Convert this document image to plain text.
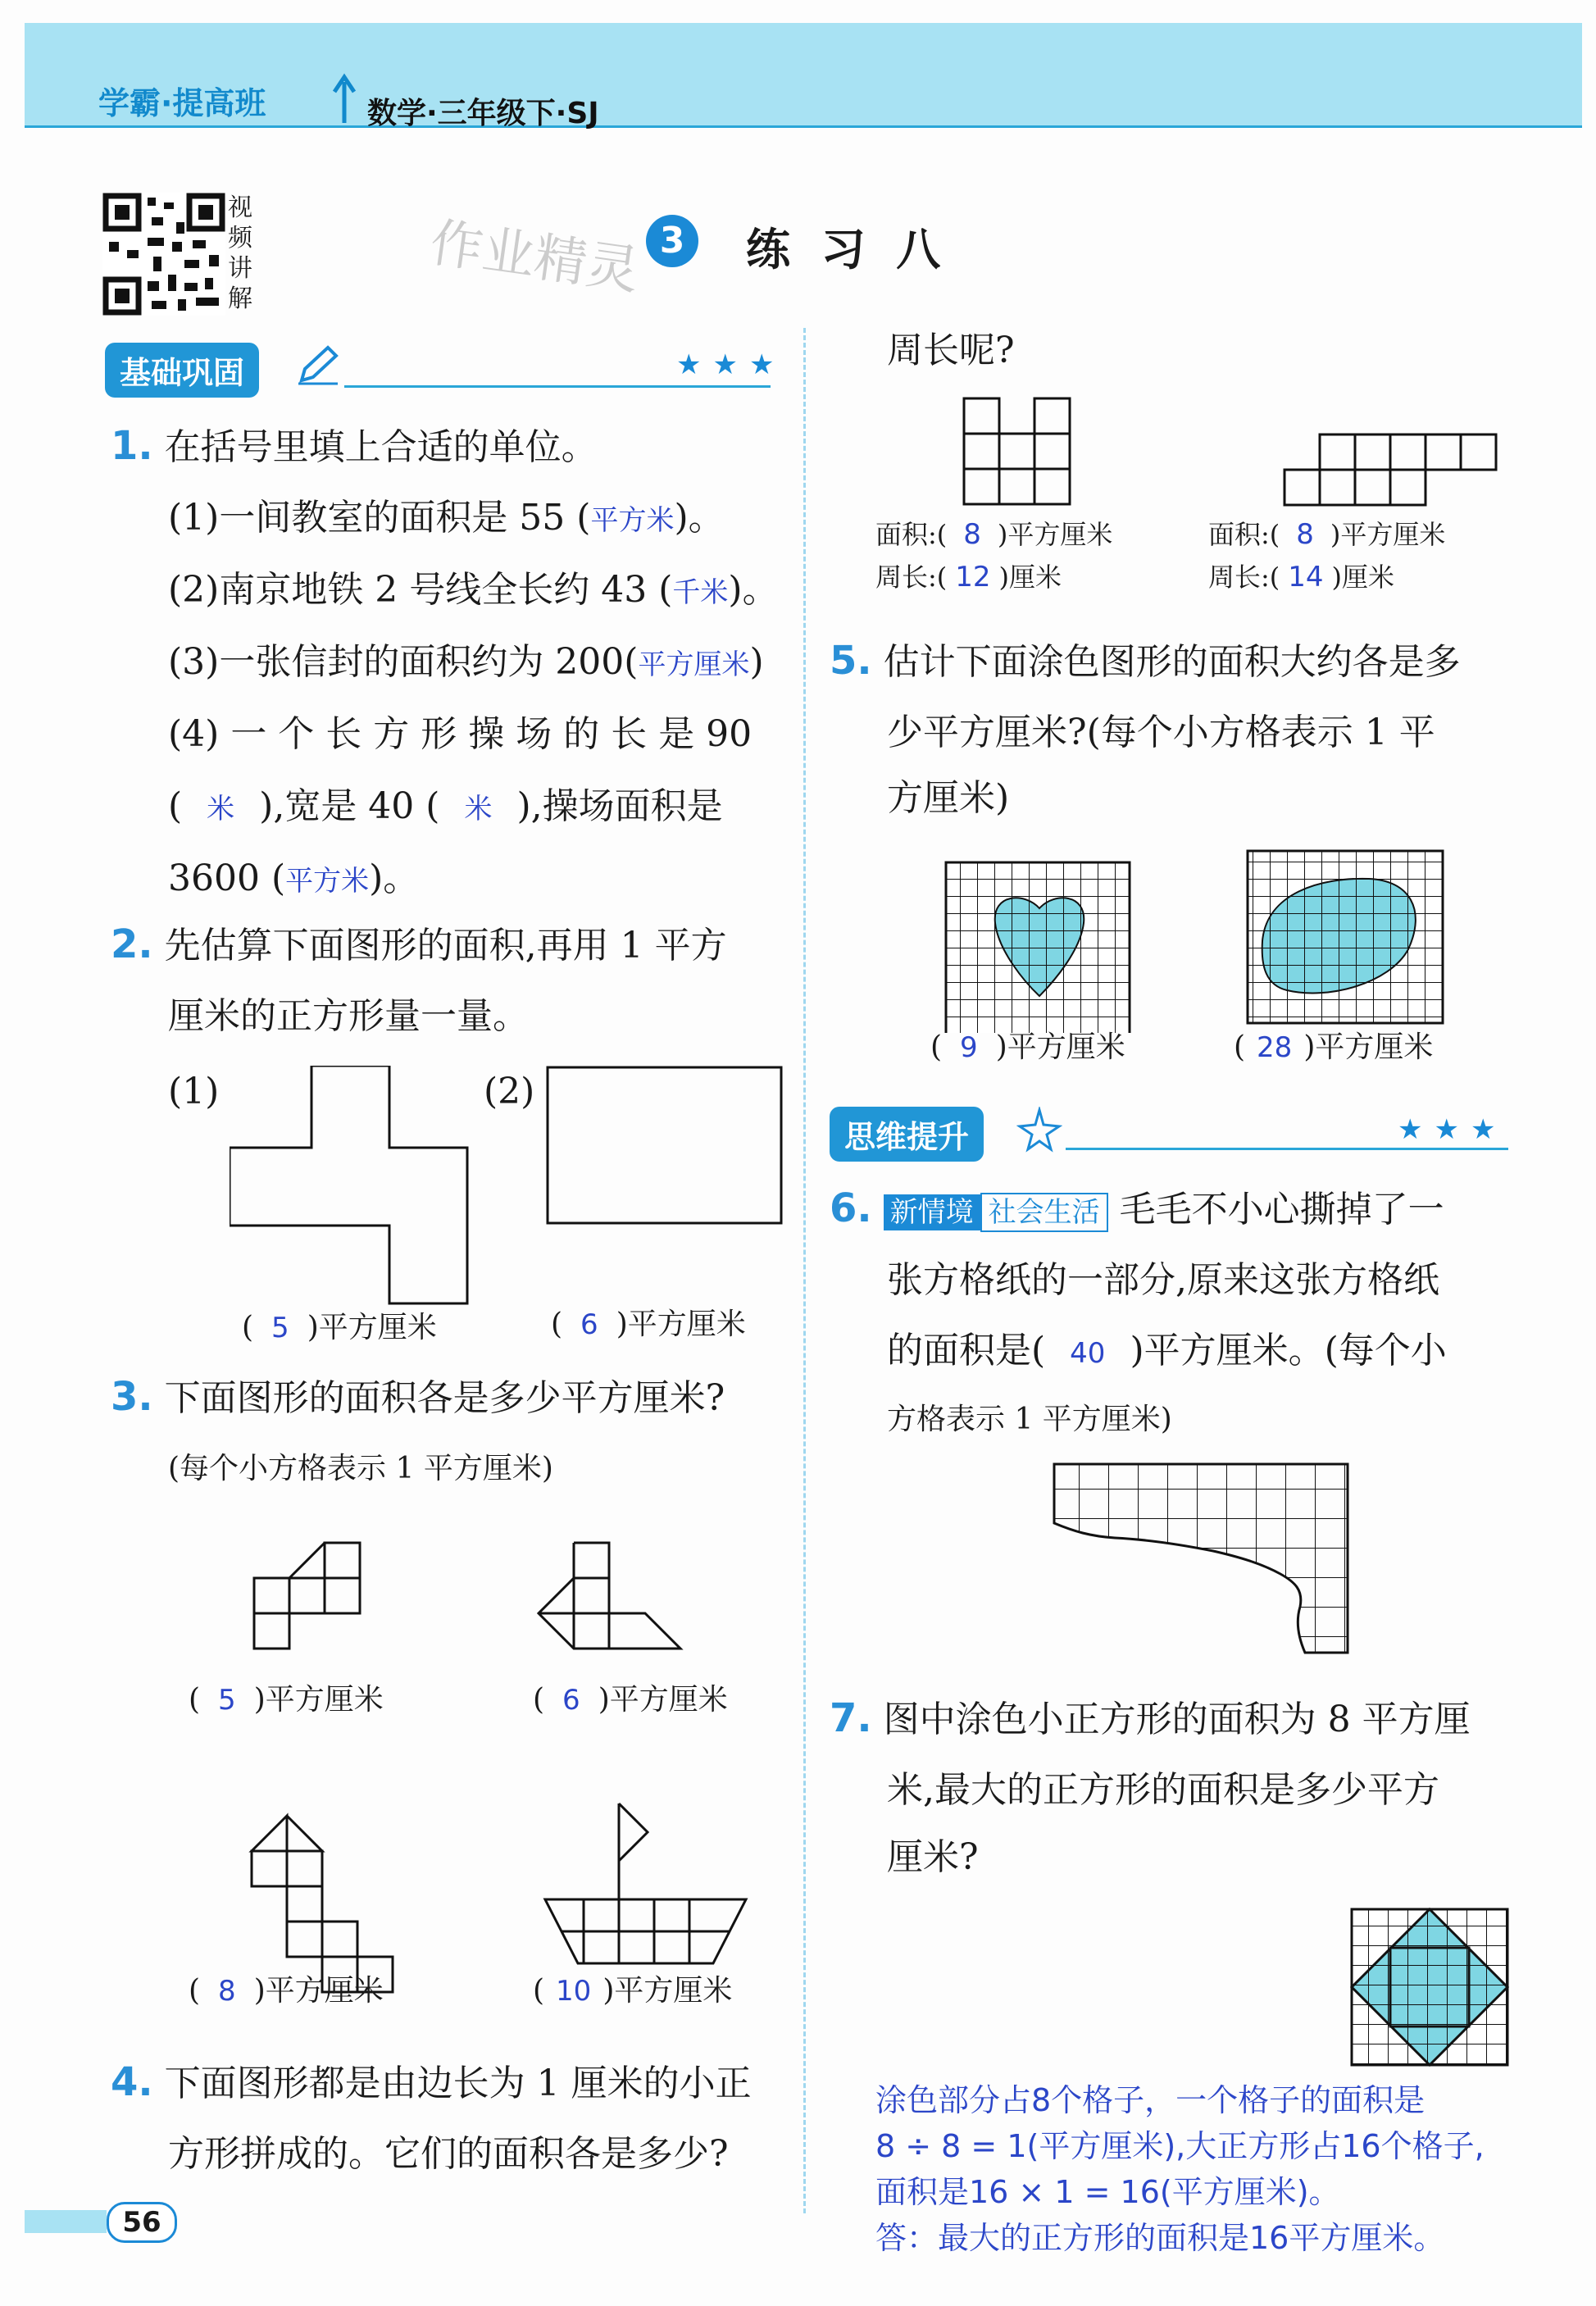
学霸·提高班	数学·三年级下·SJ
视频讲解	作业精灵 3	练  习  八
基础巩固	★★★
1. 在括号里填上合适的单位。
(1)一间教室的面积是 55 (平方米)。
(2)南京地铁 2 号线全长约 43 (千米)。
(3)一张信封的面积约为 200(平方厘米)
(4) 一 个 长 方 形 操 场 的 长 是 90
( 米 ),宽是 40 ( 米 ),操场面积是
3600 (平方米)。
2. 先估算下面图形的面积,再用 1 平方
厘米的正方形量一量。
(1)	(2)
( 5 )平方厘米	( 6 )平方厘米
3. 下面图形的面积各是多少平方厘米?
(每个小方格表示 1 平方厘米)
( 5 )平方厘米	( 6 )平方厘米
( 8 )平方厘米	( 10 )平方厘米
4. 下面图形都是由边长为 1 厘米的小正
方形拼成的。它们的面积各是多少?
周长呢?
面积:( 8 )平方厘米
周长:( 12 )厘米
面积:( 8 )平方厘米
周长:( 14 )厘米
5. 估计下面涂色图形的面积大约各是多
少平方厘米?(每个小方格表示 1 平
方厘米)
( 9 )平方厘米	( 28 )平方厘米
思维提升	★★★
6. 新情境 社会生活 毛毛不小心撕掉了一
张方格纸的一部分,原来这张方格纸
的面积是( 40 )平方厘米。(每个小
方格表示 1 平方厘米)
7. 图中涂色小正方形的面积为 8 平方厘
米,最大的正方形的面积是多少平方
厘米?
涂色部分占8个格子，一个格子的面积是
8 ÷ 8 = 1(平方厘米),大正方形占16个格子,
面积是16 × 1 = 16(平方厘米)。
答：最大的正方形的面积是16平方厘米。
56
